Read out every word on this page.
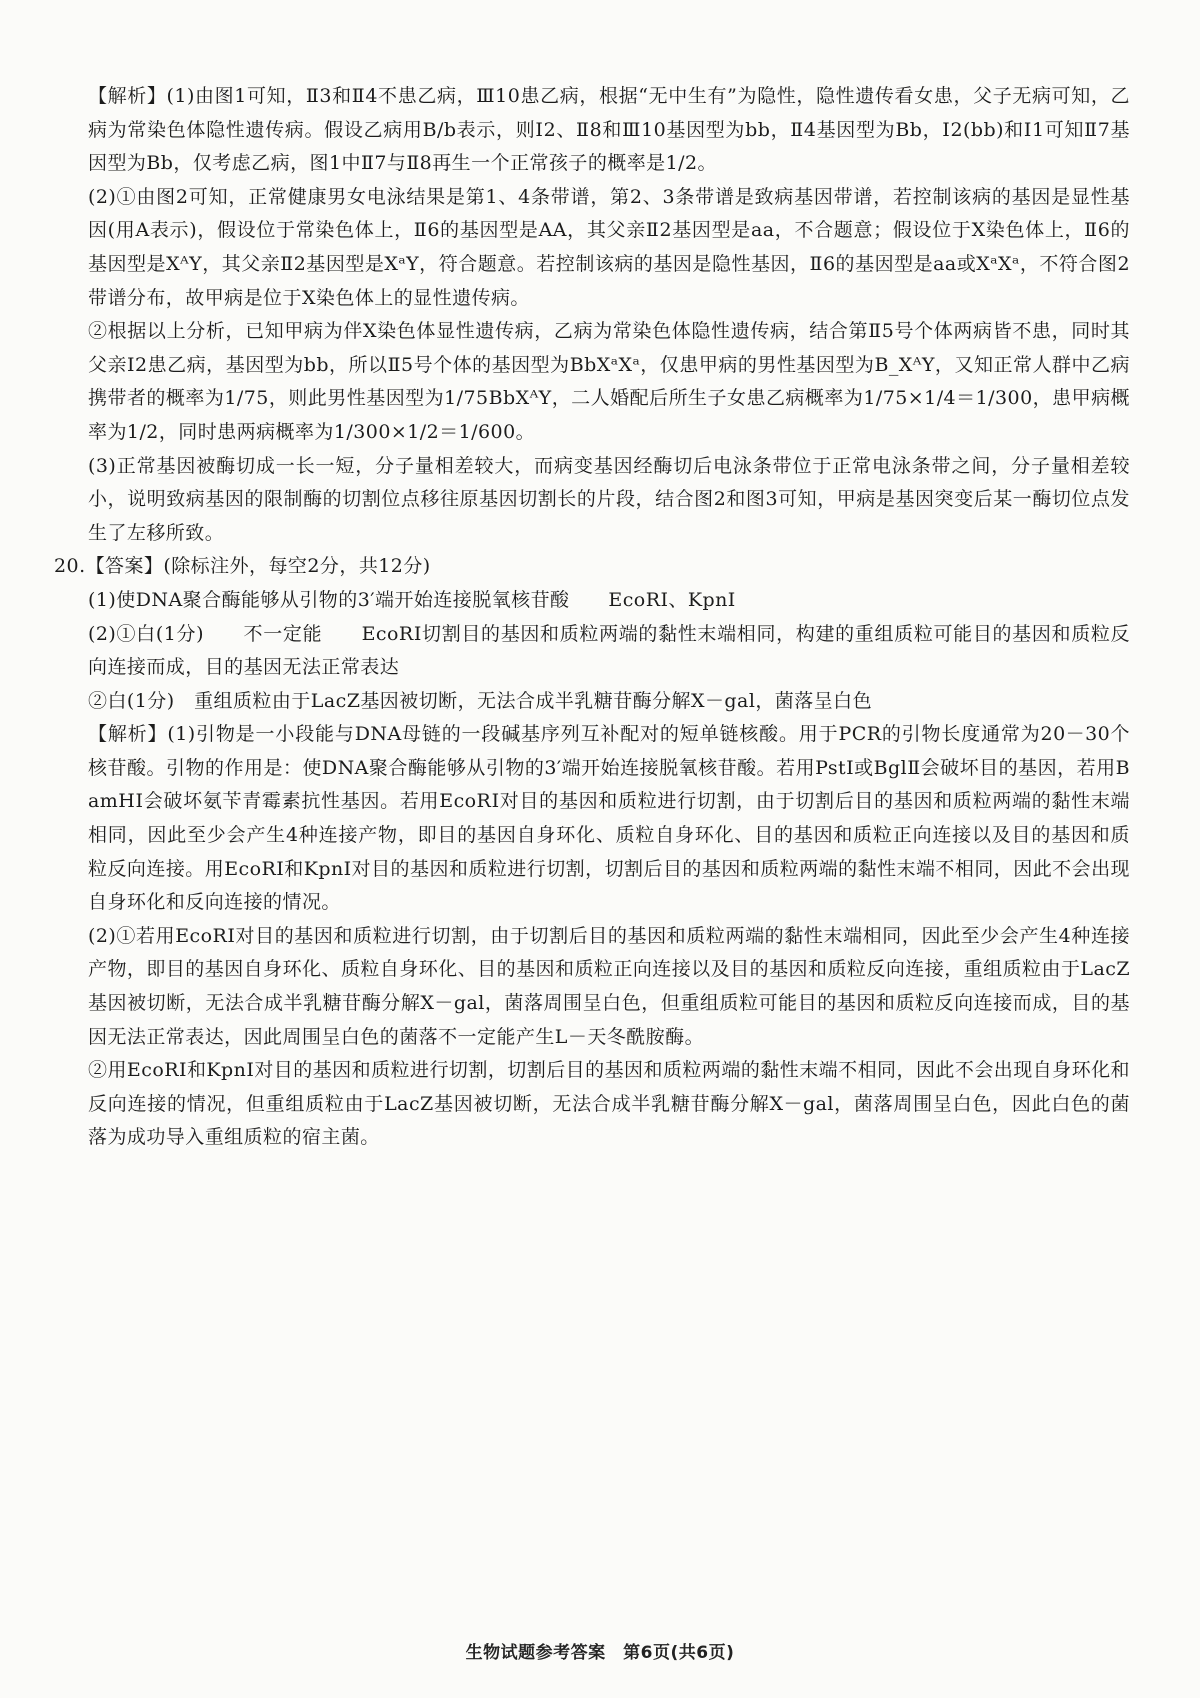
【解析】(1)由图1可知，Ⅱ3和Ⅱ4不患乙病，Ⅲ10患乙病，根据“无中生有”为隐性，隐性遗传看女患，父子无病可知，乙病为常染色体隐性遗传病。假设乙病用B/b表示，则Ⅰ2、Ⅱ8和Ⅲ10基因型为bb，Ⅱ4基因型为Bb，Ⅰ2(bb)和Ⅰ1可知Ⅱ7基因型为Bb，仅考虑乙病，图1中Ⅱ7与Ⅱ8再生一个正常孩子的概率是1/2。

(2)①由图2可知，正常健康男女电泳结果是第1、4条带谱，第2、3条带谱是致病基因带谱，若控制该病的基因是显性基因(用A表示)，假设位于常染色体上，Ⅱ6的基因型是AA，其父亲Ⅱ2基因型是aa，不合题意；假设位于X染色体上，Ⅱ6的基因型是XᴬY，其父亲Ⅱ2基因型是XᵃY，符合题意。若控制该病的基因是隐性基因，Ⅱ6的基因型是aa或XᵃXᵃ，不符合图2带谱分布，故甲病是位于X染色体上的显性遗传病。

②根据以上分析，已知甲病为伴X染色体显性遗传病，乙病为常染色体隐性遗传病，结合第Ⅱ5号个体两病皆不患，同时其父亲Ⅰ2患乙病，基因型为bb，所以Ⅱ5号个体的基因型为BbXᵃXᵃ，仅患甲病的男性基因型为B_XᴬY，又知正常人群中乙病携带者的概率为1/75，则此男性基因型为1/75BbXᴬY，二人婚配后所生子女患乙病概率为1/75×1/4＝1/300，患甲病概率为1/2，同时患两病概率为1/300×1/2＝1/600。

(3)正常基因被酶切成一长一短，分子量相差较大，而病变基因经酶切后电泳条带位于正常电泳条带之间，分子量相差较小，说明致病基因的限制酶的切割位点移往原基因切割长的片段，结合图2和图3可知，甲病是基因突变后某一酶切位点发生了左移所致。

20.【答案】(除标注外，每空2分，共12分)

(1)使DNA聚合酶能够从引物的3′端开始连接脱氧核苷酸　　EcoRⅠ、KpnⅠ

(2)①白(1分)　　不一定能　　EcoRⅠ切割目的基因和质粒两端的黏性末端相同，构建的重组质粒可能目的基因和质粒反向连接而成，目的基因无法正常表达

②白(1分)　重组质粒由于LacZ基因被切断，无法合成半乳糖苷酶分解X－gal，菌落呈白色

【解析】(1)引物是一小段能与DNA母链的一段碱基序列互补配对的短单链核酸。用于PCR的引物长度通常为20－30个核苷酸。引物的作用是：使DNA聚合酶能够从引物的3′端开始连接脱氧核苷酸。若用PstⅠ或BglⅡ会破坏目的基因，若用BamHⅠ会破坏氨苄青霉素抗性基因。若用EcoRⅠ对目的基因和质粒进行切割，由于切割后目的基因和质粒两端的黏性末端相同，因此至少会产生4种连接产物，即目的基因自身环化、质粒自身环化、目的基因和质粒正向连接以及目的基因和质粒反向连接。用EcoRⅠ和KpnⅠ对目的基因和质粒进行切割，切割后目的基因和质粒两端的黏性末端不相同，因此不会出现自身环化和反向连接的情况。

(2)①若用EcoRⅠ对目的基因和质粒进行切割，由于切割后目的基因和质粒两端的黏性末端相同，因此至少会产生4种连接产物，即目的基因自身环化、质粒自身环化、目的基因和质粒正向连接以及目的基因和质粒反向连接，重组质粒由于LacZ基因被切断，无法合成半乳糖苷酶分解X－gal，菌落周围呈白色，但重组质粒可能目的基因和质粒反向连接而成，目的基因无法正常表达，因此周围呈白色的菌落不一定能产生L－天冬酰胺酶。

②用EcoRⅠ和KpnⅠ对目的基因和质粒进行切割，切割后目的基因和质粒两端的黏性末端不相同，因此不会出现自身环化和反向连接的情况，但重组质粒由于LacZ基因被切断，无法合成半乳糖苷酶分解X－gal，菌落周围呈白色，因此白色的菌落为成功导入重组质粒的宿主菌。

生物试题参考答案　第6页(共6页)
